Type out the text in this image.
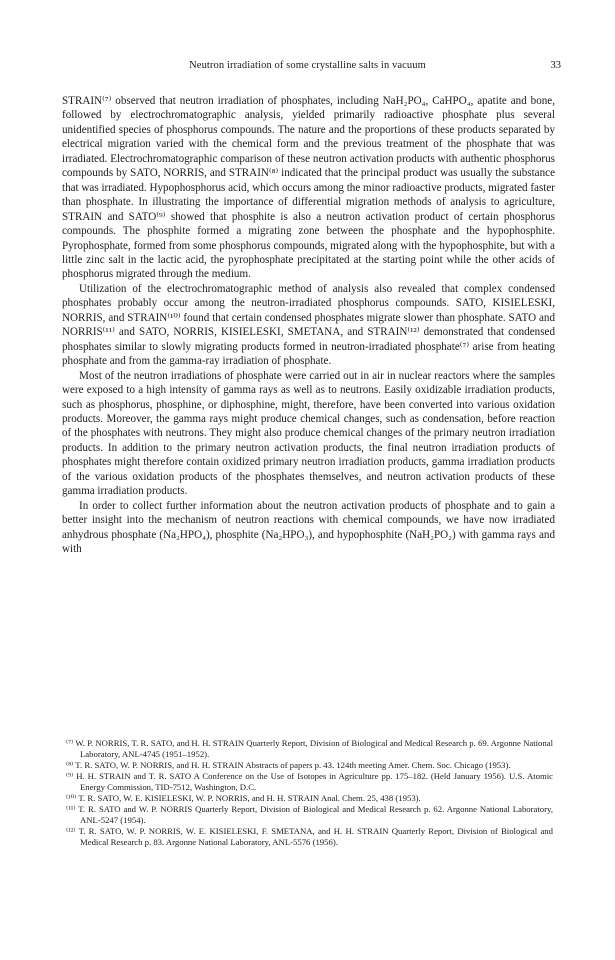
Neutron irradiation of some crystalline salts in vacuum	33

STRAIN⁽⁷⁾ observed that neutron irradiation of phosphates, including NaH₂PO₄, CaHPO₄, apatite and bone, followed by electrochromatographic analysis, yielded primarily radioactive phosphate plus several unidentified species of phosphorus compounds. The nature and the proportions of these products separated by electrical migration varied with the chemical form and the previous treatment of the phosphate that was irradiated. Electrochromatographic comparison of these neutron activation products with authentic phosphorus compounds by SATO, NORRIS, and STRAIN⁽⁸⁾ indicated that the principal product was usually the substance that was irradiated. Hypophosphorus acid, which occurs among the minor radioactive products, migrated faster than phosphate. In illustrating the importance of differential migration methods of analysis to agriculture, STRAIN and SATO⁽⁹⁾ showed that phosphite is also a neutron activation product of certain phosphorus compounds. The phosphite formed a migrating zone between the phosphate and the hypophosphite. Pyrophosphate, formed from some phosphorus compounds, migrated along with the hypophosphite, but with a little zinc salt in the lactic acid, the pyrophosphate precipitated at the starting point while the other acids of phosphorus migrated through the medium.

Utilization of the electrochromatographic method of analysis also revealed that complex condensed phosphates probably occur among the neutron-irradiated phosphorus compounds. SATO, KISIELESKI, NORRIS, and STRAIN⁽¹⁰⁾ found that certain condensed phosphates migrate slower than phosphate. SATO and NORRIS⁽¹¹⁾ and SATO, NORRIS, KISIELESKI, SMETANA, and STRAIN⁽¹²⁾ demonstrated that condensed phosphates similar to slowly migrating products formed in neutron-irradiated phosphate⁽⁷⁾ arise from heating phosphate and from the gamma-ray irradiation of phosphate.

Most of the neutron irradiations of phosphate were carried out in air in nuclear reactors where the samples were exposed to a high intensity of gamma rays as well as to neutrons. Easily oxidizable irradiation products, such as phosphorus, phosphine, or diphosphine, might, therefore, have been converted into various oxidation products. Moreover, the gamma rays might produce chemical changes, such as condensation, before reaction of the phosphates with neutrons. They might also produce chemical changes of the primary neutron irradiation products. In addition to the primary neutron activation products, the final neutron irradiation products of phosphates might therefore contain oxidized primary neutron irradiation products, gamma irradiation products of the various oxidation products of the phosphates themselves, and neutron activation products of these gamma irradiation products.

In order to collect further information about the neutron activation products of phosphate and to gain a better insight into the mechanism of neutron reactions with chemical compounds, we have now irradiated anhydrous phosphate (Na₂HPO₄), phosphite (Na₂HPO₃), and hypophosphite (NaH₂PO₂) with gamma rays and with

⁽⁷⁾ W. P. NORRIS, T. R. SATO, and H. H. STRAIN Quarterly Report, Division of Biological and Medical Research p. 69. Argonne National Laboratory, ANL-4745 (1951–1952).

⁽⁸⁾ T. R. SATO, W. P. NORRIS, and H. H. STRAIN Abstracts of papers p. 43. 124th meeting Amer. Chem. Soc. Chicago (1953).

⁽⁹⁾ H. H. STRAIN and T. R. SATO A Conference on the Use of Isotopes in Agriculture pp. 175–182. (Held January 1956). U.S. Atomic Energy Commission, TID-7512, Washington, D.C.

⁽¹⁰⁾ T. R. SATO, W. E. KISIELESKI, W. P. NORRIS, and H. H. STRAIN Anal. Chem. 25, 438 (1953).

⁽¹¹⁾ T. R. SATO and W. P. NORRIS Quarterly Report, Division of Biological and Medical Research p. 62. Argonne National Laboratory, ANL-5247 (1954).

⁽¹²⁾ T. R. SATO, W. P. NORRIS, W. E. KISIELESKI, F. SMETANA, and H. H. STRAIN Quarterly Report, Division of Biological and Medical Research p. 83. Argonne National Laboratory, ANL-5576 (1956).
